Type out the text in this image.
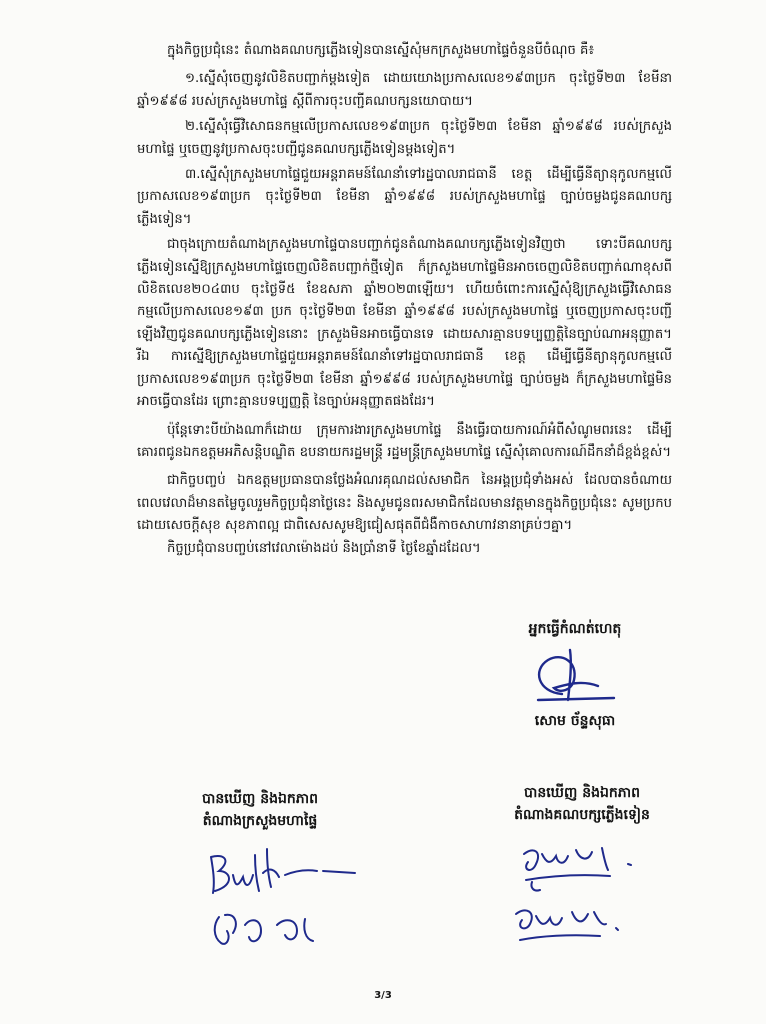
ក្នុងកិច្ចប្រជុំនេះ តំណាងគណបក្សភ្លើងទៀនបានស្នើសុំមកក្រសួងមហាផ្ទៃចំនួនបីចំណុច គឺ៖

១.ស្នើសុំចេញនូវលិខិតបញ្ជាក់ម្តងទៀត ដោយយោងប្រកាសលេខ១៩៣ប្រក ចុះថ្ងៃទី២៣ ខែមីនា ឆ្នាំ១៩៩៨ របស់ក្រសួងមហាផ្ទៃ ស្តីពីការចុះបញ្ជីគណបក្សនយោបាយ។

២.ស្នើសុំធ្វើវិសោធនកម្មលើប្រកាសលេខ១៩៣ប្រក ចុះថ្ងៃទី២៣ ខែមីនា ឆ្នាំ១៩៩៨ របស់ក្រសួងមហាផ្ទៃ ឬចេញនូវប្រកាសចុះបញ្ជីជូនគណបក្សភ្លើងទៀនម្តងទៀត។

៣.ស្នើសុំក្រសួងមហាផ្ទៃជួយអន្តរាគមន៍ណែនាំទៅរដ្ឋបាលរាជធានី ខេត្ត ដើម្បីធ្វើនីត្យានុកូលកម្មលើប្រកាសលេខ១៩៣ប្រក ចុះថ្ងៃទី២៣ ខែមីនា ឆ្នាំ១៩៩៨ របស់ក្រសួងមហាផ្ទៃ ច្បាប់ចម្លងជូនគណបក្សភ្លើងទៀន។

ជាចុងក្រោយតំណាងក្រសួងមហាផ្ទៃបានបញ្ជាក់ជូនតំណាងគណបក្សភ្លើងទៀនវិញថា ទោះបីគណបក្សភ្លើងទៀនស្នើឱ្យក្រសួងមហាផ្ទៃចេញលិខិតបញ្ជាក់ថ្មីទៀត ក៏ក្រសួងមហាផ្ទៃមិនអាចចេញលិខិតបញ្ជាក់ណាខុសពីលិខិតលេខ២០៤៣ប ចុះថ្ងៃទី៥ ខែឧសភា ឆ្នាំ២០២៣ឡើយ។ ហើយចំពោះការស្នើសុំឱ្យក្រសួងធ្វើវិសោធនកម្មលើប្រកាសលេខ១៩៣ ប្រក ចុះថ្ងៃទី២៣ ខែមីនា ឆ្នាំ១៩៩៨ របស់ក្រសួងមហាផ្ទៃ ឬចេញប្រកាសចុះបញ្ជីឡើងវិញជូនគណបក្សភ្លើងទៀននោះ ក្រសួងមិនអាចធ្វើបានទេ ដោយសារគ្មានបទប្បញ្ញត្តិនៃច្បាប់ណាអនុញ្ញាត។ រីឯ ការស្នើឱ្យក្រសួងមហាផ្ទៃជួយអន្តរាគមន៍ណែនាំទៅរដ្ឋបាលរាជធានី ខេត្ត ដើម្បីធ្វើនីត្យានុកូលកម្មលើប្រកាសលេខ១៩៣ប្រក ចុះថ្ងៃទី២៣ ខែមីនា ឆ្នាំ១៩៩៨ របស់ក្រសួងមហាផ្ទៃ ច្បាប់ចម្លង ក៏ក្រសួងមហាផ្ទៃមិនអាចធ្វើបានដែរ ព្រោះគ្មានបទប្បញ្ញត្តិ នៃច្បាប់អនុញ្ញាតផងដែរ។

ប៉ុន្តែទោះបីយ៉ាងណាក៏ដោយ ក្រុមការងារក្រសួងមហាផ្ទៃ នឹងធ្វើរបាយការណ៍អំពីសំណូមពរនេះ ដើម្បីគោរពជូនឯកឧត្តមអភិសន្តិបណ្ឌិត ឧបនាយករដ្ឋមន្ត្រី រដ្ឋមន្ត្រីក្រសួងមហាផ្ទៃ ស្នើសុំគោលការណ៍ដឹកនាំដ៏ខ្ពង់ខ្ពស់។

ជាកិច្ចបញ្ចប់ ឯកឧត្តមប្រធានបានថ្លែងអំណរគុណដល់សមាជិក នៃអង្គប្រជុំទាំងអស់ ដែលបានចំណាយពេលវេលាដ៏មានតម្លៃចូលរួមកិច្ចប្រជុំនាថ្ងៃនេះ និងសូមជូនពរសមាជិកដែលមានវត្តមានក្នុងកិច្ចប្រជុំនេះ សូមប្រកបដោយសេចក្តីសុខ សុខភាពល្អ ជាពិសេសសូមឱ្យជៀសផុតពីជំងឺកាចសាហាវនានាគ្រប់ៗគ្នា។

កិច្ចប្រជុំបានបញ្ចប់នៅវេលាម៉ោងដប់ និងប្រាំនាទី ថ្ងៃខែឆ្នាំដដែល។

អ្នកធ្វើកំណត់ហេតុ
សោម ច័ន្ទសុធា
បានឃើញ និងឯកភាព
តំណាងក្រសួងមហាផ្ទៃ
បានឃើញ និងឯកភាព
តំណាងគណបក្សភ្លើងទៀន
3/3
